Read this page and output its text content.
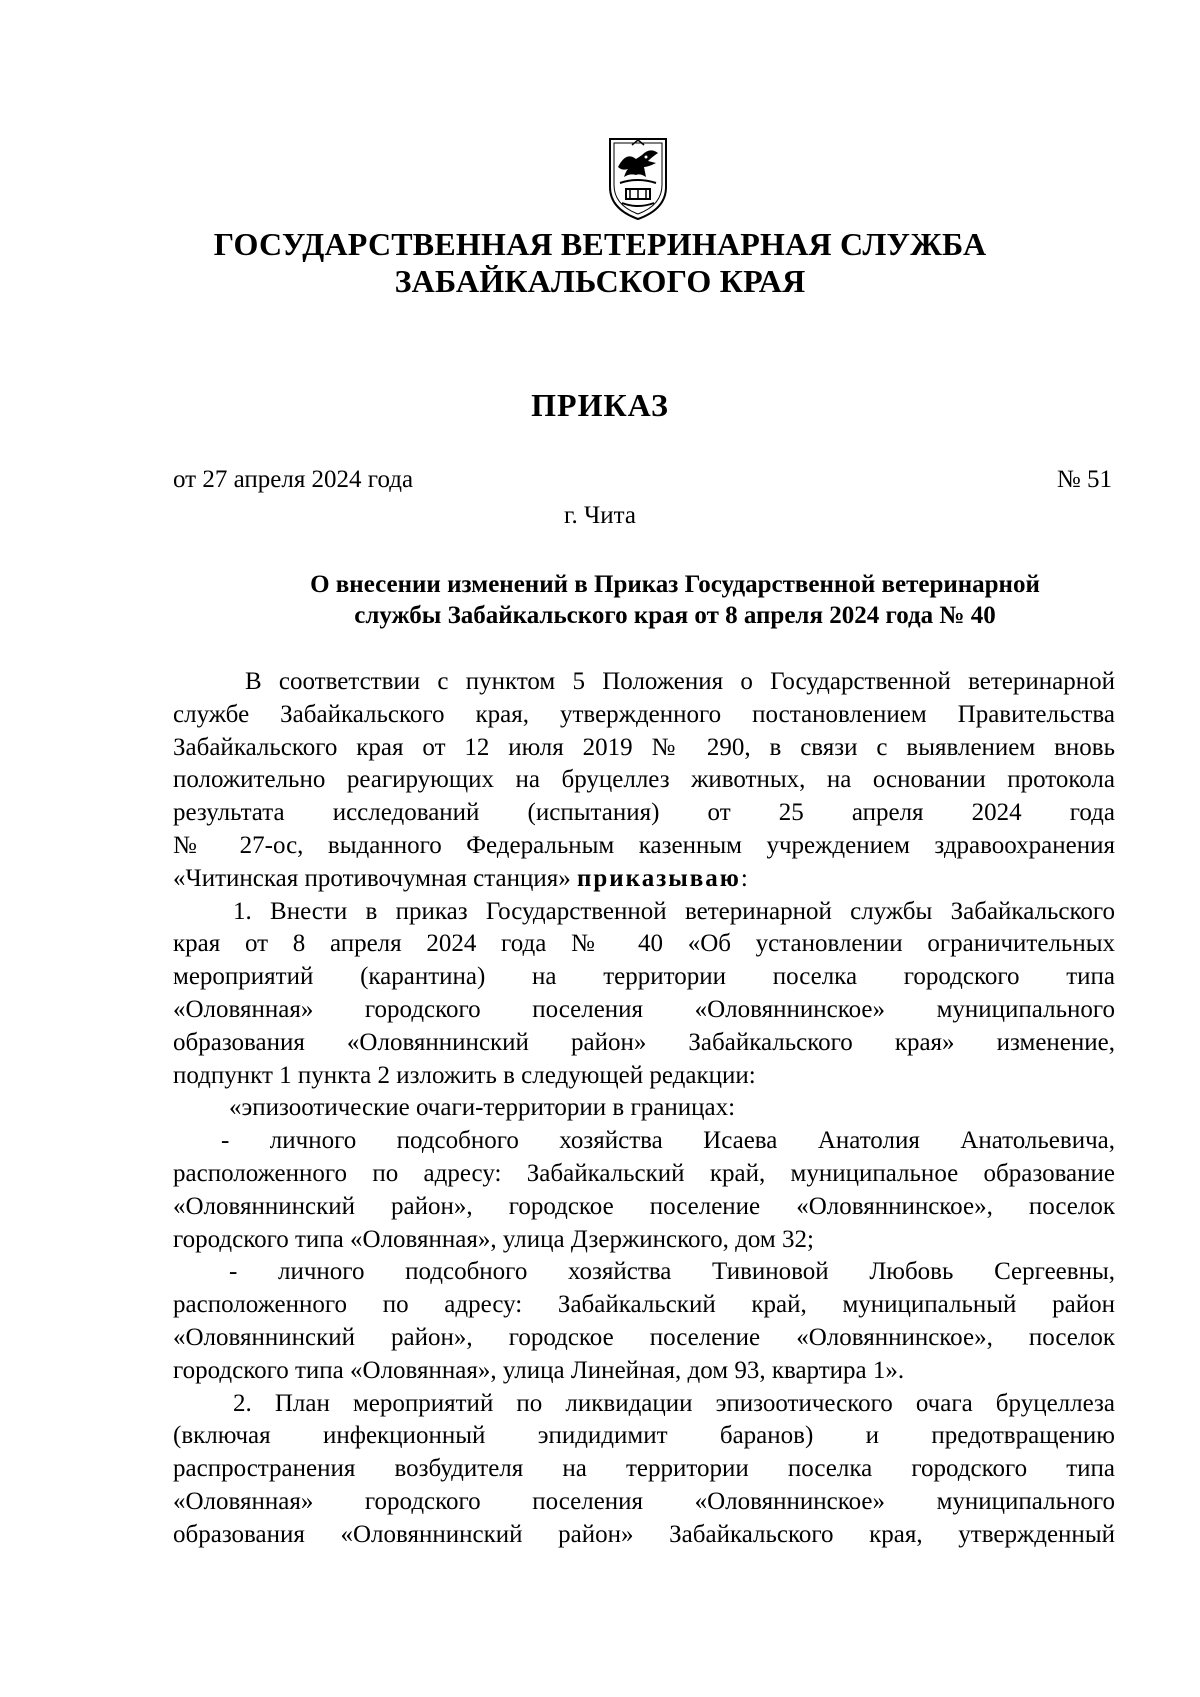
ГОСУДАРСТВЕННАЯ ВЕТЕРИНАРНАЯ СЛУЖБА
ЗАБАЙКАЛЬСКОГО КРАЯ
ПРИКАЗ
от 27 апреля 2024 года	№ 51
г. Чита
О внесении изменений в Приказ Государственной ветеринарной
службы Забайкальского края от 8 апреля 2024 года № 40
В соответствии с пунктом 5 Положения о Государственной ветеринарной
службе Забайкальского края, утвержденного постановлением Правительства
Забайкальского края от 12 июля 2019 № 290, в связи с выявлением вновь
положительно реагирующих на бруцеллез животных, на основании протокола
результата исследований (испытания) от 25 апреля 2024 года
№ 27-ос, выданного Федеральным казенным учреждением здравоохранения
«Читинская противочумная станция» приказываю:
1. Внести в приказ Государственной ветеринарной службы Забайкальского
края от 8 апреля 2024 года № 40 «Об установлении ограничительных
мероприятий (карантина) на территории поселка городского типа
«Оловянная» городского поселения «Оловяннинское» муниципального
образования «Оловяннинский район» Забайкальского края» изменение,
подпункт 1 пункта 2 изложить в следующей редакции:
«эпизоотические очаги-территории в границах:
- личного подсобного хозяйства Исаева Анатолия Анатольевича,
расположенного по адресу: Забайкальский край, муниципальное образование
«Оловяннинский район», городское поселение «Оловяннинское», поселок
городского типа «Оловянная», улица Дзержинского, дом 32;
- личного подсобного хозяйства Тивиновой Любовь Сергеевны,
расположенного по адресу: Забайкальский край, муниципальный район
«Оловяннинский район», городское поселение «Оловяннинское», поселок
городского типа «Оловянная», улица Линейная, дом 93, квартира 1».
2. План мероприятий по ликвидации эпизоотического очага бруцеллеза
(включая инфекционный эпидидимит баранов) и предотвращению
распространения возбудителя на территории поселка городского типа
«Оловянная» городского поселения «Оловяннинское» муниципального
образования «Оловяннинский район» Забайкальского края, утвержденный
